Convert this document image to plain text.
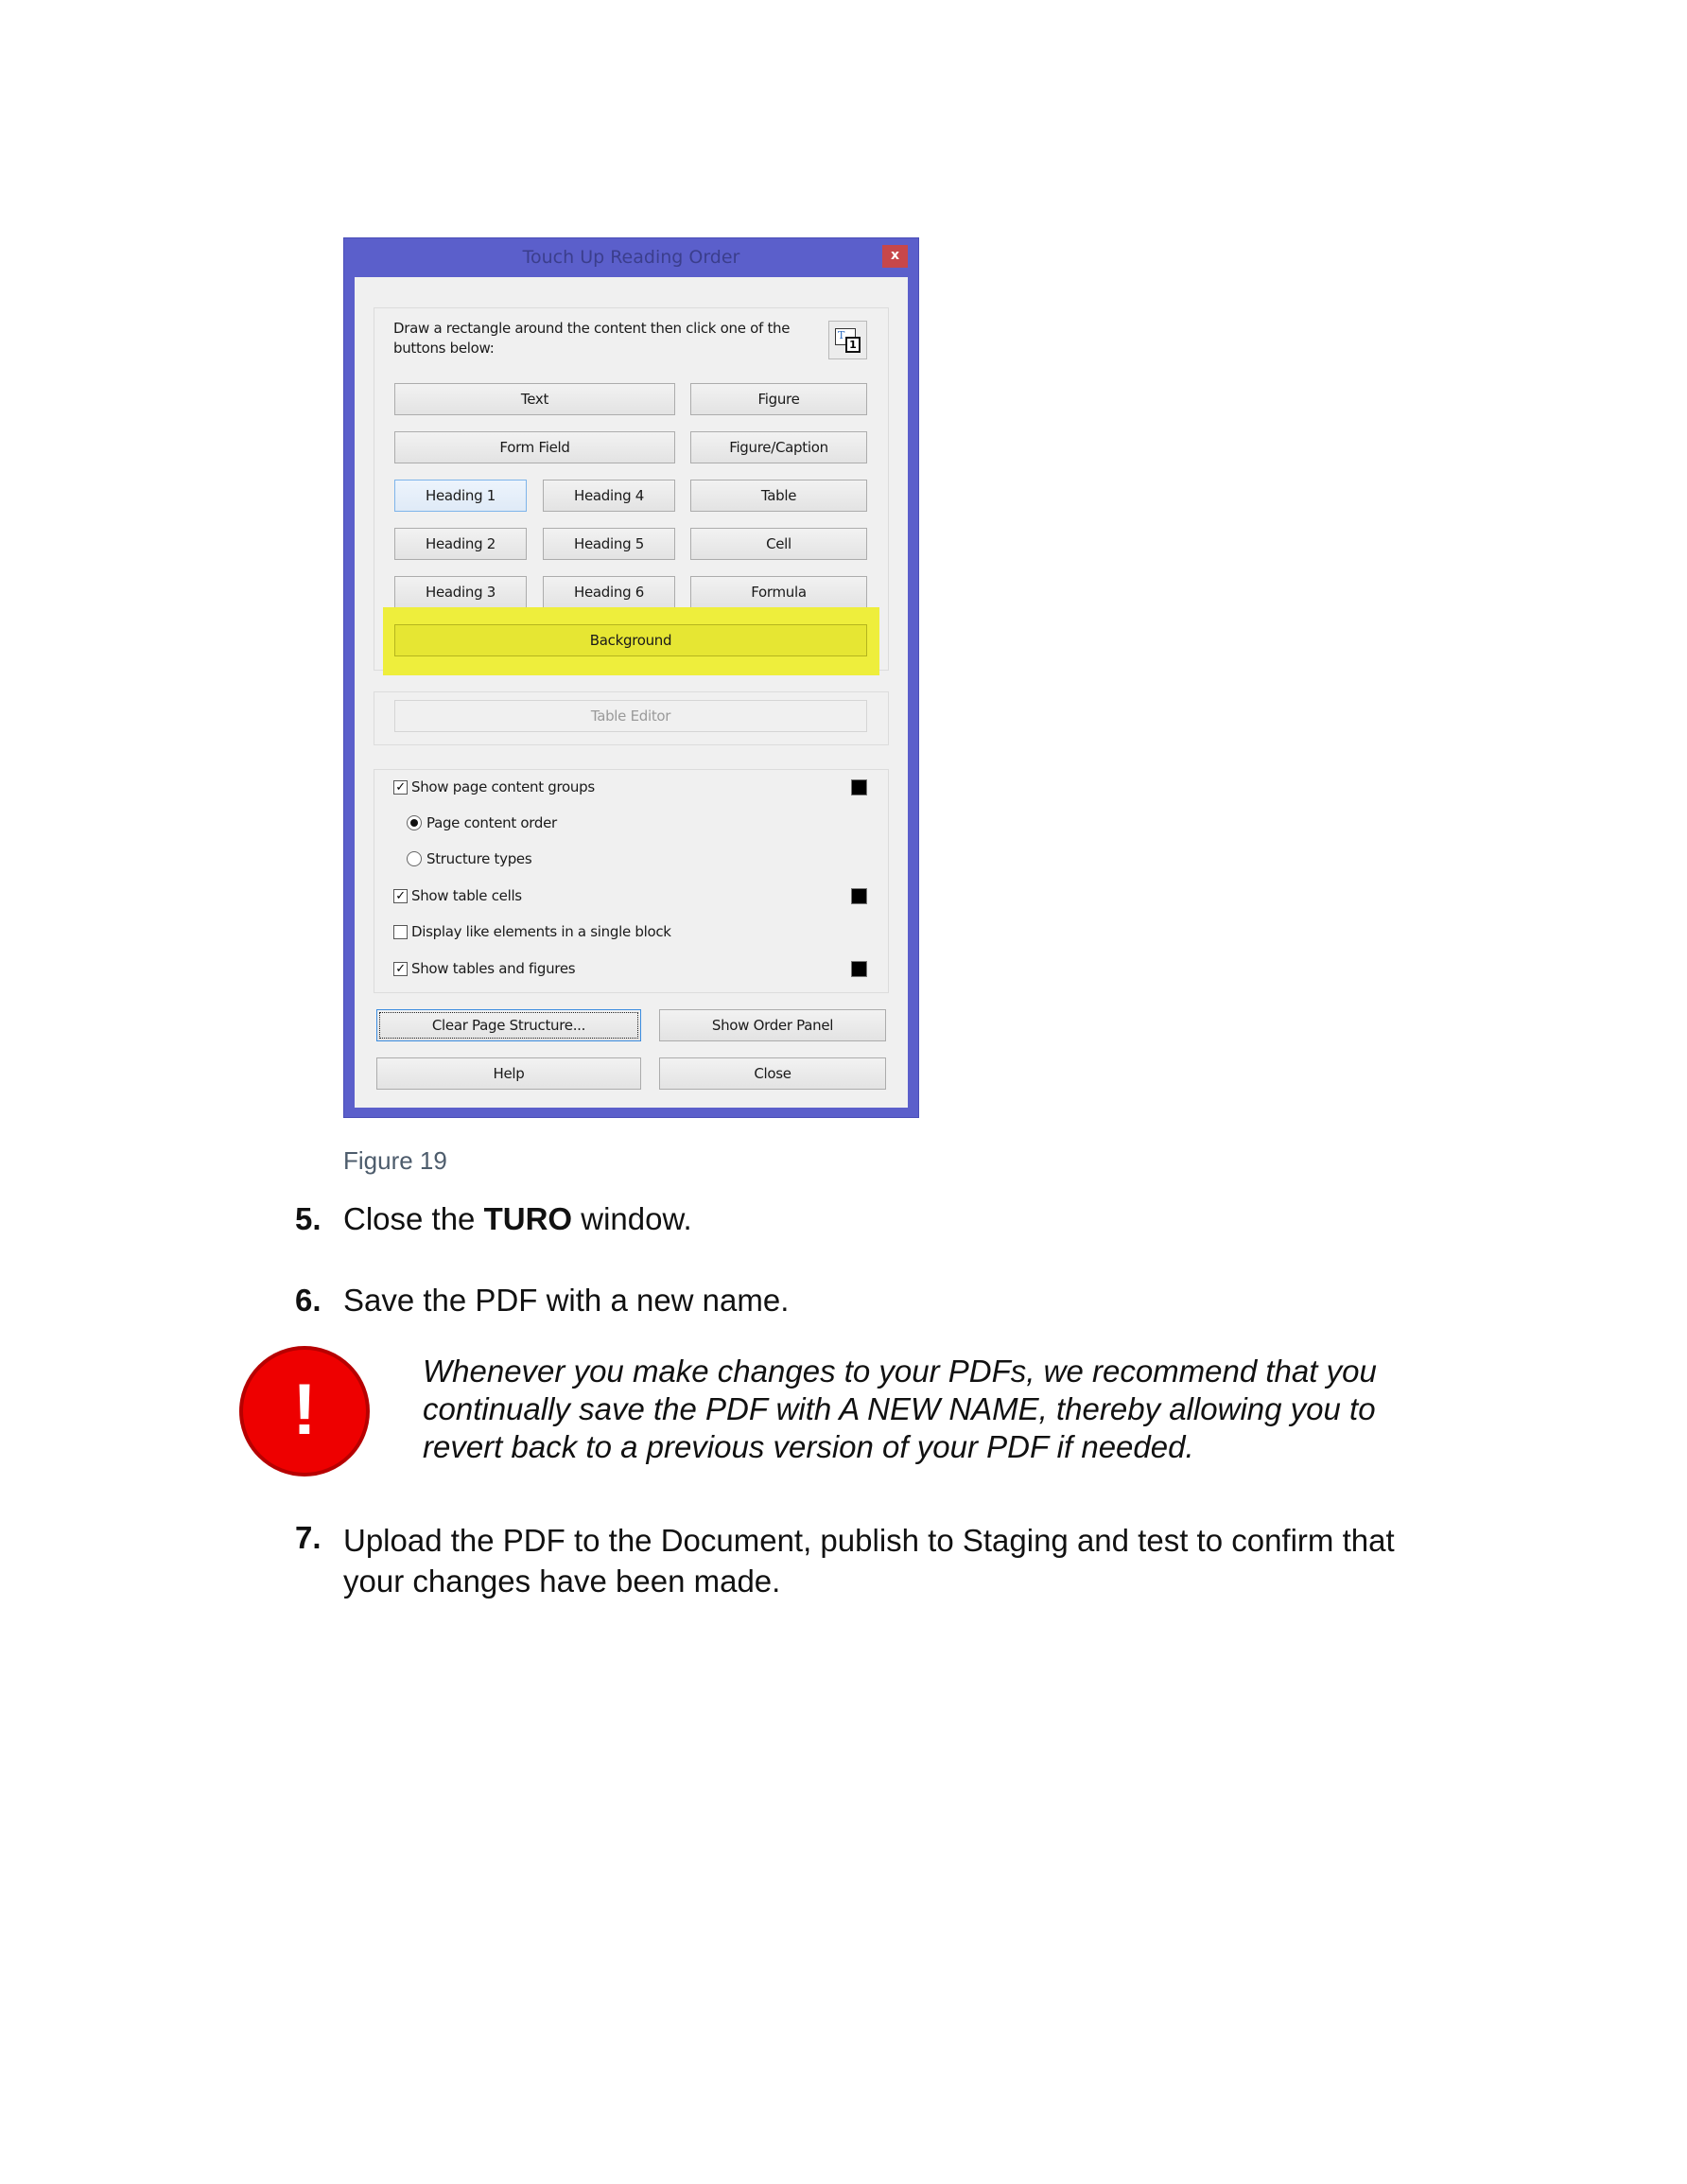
Touch Up Reading Order	x
Draw a rectangle around the content then click one of the buttons below:
T
1
Text	Figure
Form Field	Figure/Caption
Heading 1	Heading 4	Table
Heading 2	Heading 5	Cell
Heading 3	Heading 6	Formula
Background
Table Editor
✓ Show page content groups
Page content order
Structure types
✓ Show table cells
Display like elements in a single block
✓ Show tables and figures
Clear Page Structure...	Show Order Panel
Help	Close
Figure 19
5. Close the TURO window.
6. Save the PDF with a new name.
!	Whenever you make changes to your PDFs, we recommend that you
continually save the PDF with A NEW NAME, thereby allowing you to
revert back to a previous version of your PDF if needed.
7. Upload the PDF to the Document, publish to Staging and test to confirm that
your changes have been made.
